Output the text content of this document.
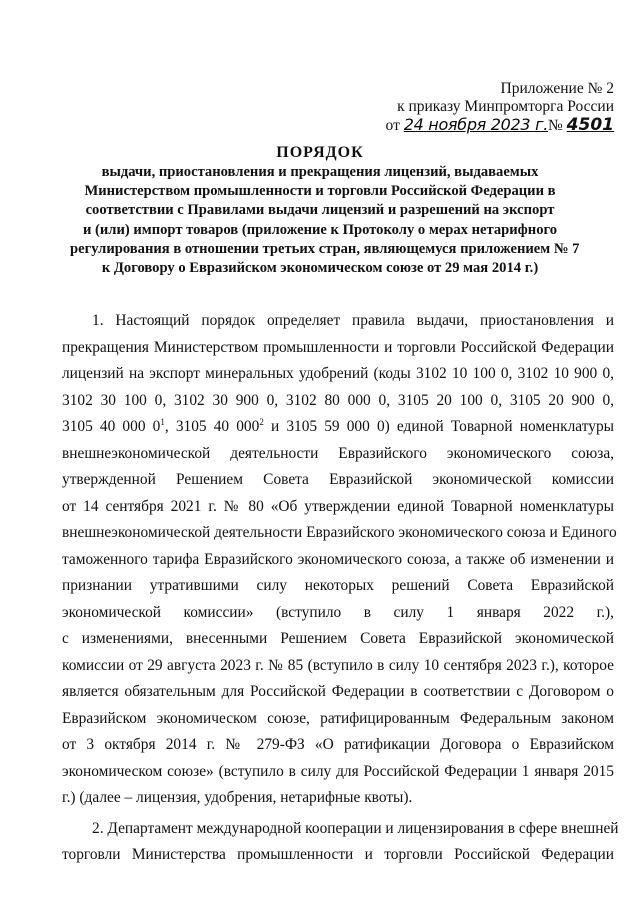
Приложение № 2
к приказу Минпромторга России
от 24 ноября 2023 г.№ 4501
ПОРЯДОК
выдачи, приостановления и прекращения лицензий, выдаваемых
Министерством промышленности и торговли Российской Федерации в
соответствии с Правилами выдачи лицензий и разрешений на экспорт
и (или) импорт товаров (приложение к Протоколу о мерах нетарифного
регулирования в отношении третьих стран, являющемуся приложением № 7
к Договору о Евразийском экономическом союзе от 29 мая 2014 г.)
1. Настоящий порядок определяет правила выдачи, приостановления и
прекращения Министерством промышленности и торговли Российской Федерации
лицензий на экспорт минеральных удобрений (коды 3102 10 100 0, 3102 10 900 0,
3102 30 100 0, 3102 30 900 0, 3102 80 000 0, 3105 20 100 0, 3105 20 900 0,
3105 40 000 $0^1$, 3105 40 $000^2$ и 3105 59 000 0) единой Товарной номенклатуры
внешнеэкономической деятельности Евразийского экономического союза,
утвержденной Решением Совета Евразийской экономической комиссии
от 14 сентября 2021 г. № 80 «Об утверждении единой Товарной номенклатуры
внешнеэкономической деятельности Евразийского экономического союза и Единого
таможенного тарифа Евразийского экономического союза, а также об изменении и
признании утратившими силу некоторых решений Совета Евразийской
экономической комиссии» (вступило в силу 1 января 2022 г.),
с изменениями, внесенными Решением Совета Евразийской экономической
комиссии от 29 августа 2023 г. № 85 (вступило в силу 10 сентября 2023 г.), которое
является обязательным для Российской Федерации в соответствии с Договором о
Евразийском экономическом союзе, ратифицированным Федеральным законом
от 3 октября 2014 г. № 279-ФЗ «О ратификации Договора о Евразийском
экономическом союзе» (вступило в силу для Российской Федерации 1 января 2015
г.) (далее – лицензия, удобрения, нетарифные квоты).
2. Департамент международной кооперации и лицензирования в сфере внешней
торговли Министерства промышленности и торговли Российской Федерации
